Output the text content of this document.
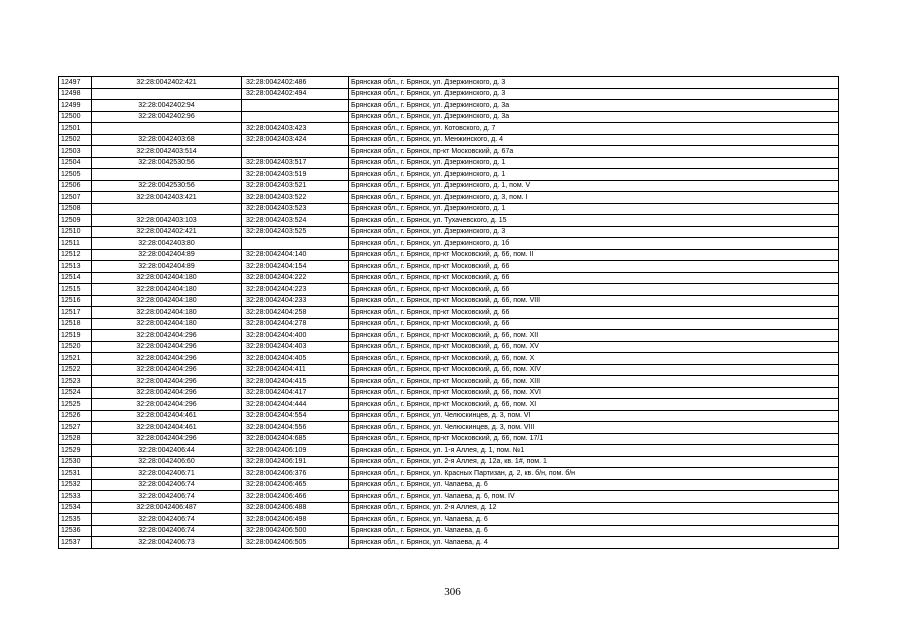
12497	32:28:0042402:421	32:28:0042402:486	Брянская обл., г. Брянск, ул. Дзержинского, д. 3
12498		32:28:0042402:494	Брянская обл., г. Брянск, ул. Дзержинского, д. 3
12499	32:28:0042402:94		Брянская обл., г. Брянск, ул. Дзержинского, д. 3а
12500	32:28:0042402:96		Брянская обл., г. Брянск, ул. Дзержинского, д. 3а
12501		32:28:0042403:423	Брянская обл., г. Брянск, ул. Котовского, д. 7
12502	32:28:0042403:68	32:28:0042403:424	Брянская обл., г. Брянск, ул. Менжинского, д. 4
12503	32:28:0042403:514		Брянская обл., г. Брянск, пр-кт Московский, д. 67а
12504	32:28:0042530:56	32:28:0042403:517	Брянская обл., г. Брянск, ул. Дзержинского, д. 1
12505		32:28:0042403:519	Брянская обл., г. Брянск, ул. Дзержинского, д. 1
12506	32:28:0042530:56	32:28:0042403:521	Брянская обл., г. Брянск, ул. Дзержинского, д. 1, пом. V
12507	32:28:0042403:421	32:28:0042403:522	Брянская обл., г. Брянск, ул. Дзержинского, д. 3, пом. I
12508		32:28:0042403:523	Брянская обл., г. Брянск, ул. Дзержинского, д. 1
12509	32:28:0042403:103	32:28:0042403:524	Брянская обл., г. Брянск, ул. Тухачевского, д. 15
12510	32:28:0042402:421	32:28:0042403:525	Брянская обл., г. Брянск, ул. Дзержинского, д. 3
12511	32:28:0042403:80		Брянская обл., г. Брянск, ул. Дзержинского, д. 1б
12512	32:28:0042404:89	32:28:0042404:140	Брянская обл., г. Брянск, пр-кт Московский, д. 66, пом. II
12513	32:28:0042404:89	32:28:0042404:154	Брянская обл., г. Брянск, пр-кт Московский, д. 66
12514	32:28:0042404:180	32:28:0042404:222	Брянская обл., г. Брянск, пр-кт Московский, д. 66
12515	32:28:0042404:180	32:28:0042404:223	Брянская обл., г. Брянск, пр-кт Московский, д. 66
12516	32:28:0042404:180	32:28:0042404:233	Брянская обл., г. Брянск, пр-кт Московский, д. 66, пом. VIII
12517	32:28:0042404:180	32:28:0042404:258	Брянская обл., г. Брянск, пр-кт Московский, д. 66
12518	32:28:0042404:180	32:28:0042404:278	Брянская обл., г. Брянск, пр-кт Московский, д. 66
12519	32:28:0042404:296	32:28:0042404:400	Брянская обл., г. Брянск, пр-кт Московский, д. 66, пом. XII
12520	32:28:0042404:296	32:28:0042404:403	Брянская обл., г. Брянск, пр-кт Московский, д. 66, пом. XV
12521	32:28:0042404:296	32:28:0042404:405	Брянская обл., г. Брянск, пр-кт Московский, д. 66, пом. X
12522	32:28:0042404:296	32:28:0042404:411	Брянская обл., г. Брянск, пр-кт Московский, д. 66, пом. XIV
12523	32:28:0042404:296	32:28:0042404:415	Брянская обл., г. Брянск, пр-кт Московский, д. 66, пом. XIII
12524	32:28:0042404:296	32:28:0042404:417	Брянская обл., г. Брянск, пр-кт Московский, д. 66, пом. XVI
12525	32:28:0042404:296	32:28:0042404:444	Брянская обл., г. Брянск, пр-кт Московский, д. 66, пом. XI
12526	32:28:0042404:461	32:28:0042404:554	Брянская обл., г. Брянск, ул. Челюскинцев, д. 3, пом. VI
12527	32:28:0042404:461	32:28:0042404:556	Брянская обл., г. Брянск, ул. Челюскинцев, д. 3, пом. VIII
12528	32:28:0042404:296	32:28:0042404:685	Брянская обл., г. Брянск, пр-кт Московский, д. 66, пом. 17/1
12529	32:28:0042406:44	32:28:0042406:109	Брянская обл., г. Брянск, ул. 1-я Аллея, д. 1, пом. №1
12530	32:28:0042406:60	32:28:0042406:191	Брянская обл., г. Брянск, ул. 2-я Аллея, д. 12а, кв. 1#, пом. 1
12531	32:28:0042406:71	32:28:0042406:376	Брянская обл., г. Брянск, ул. Красных Партизан, д. 2, кв. б/н, пом. б/н
12532	32:28:0042406:74	32:28:0042406:465	Брянская обл., г. Брянск, ул. Чапаева, д. 6
12533	32:28:0042406:74	32:28:0042406:466	Брянская обл., г. Брянск, ул. Чапаева, д. 6, пом. IV
12534	32:28:0042406:487	32:28:0042406:488	Брянская обл., г. Брянск, ул. 2-я Аллея, д. 12
12535	32:28:0042406:74	32:28:0042406:498	Брянская обл., г. Брянск, ул. Чапаева, д. 6
12536	32:28:0042406:74	32:28:0042406:500	Брянская обл., г. Брянск, ул. Чапаева, д. 6
12537	32:28:0042406:73	32:28:0042406:505	Брянская обл., г. Брянск, ул. Чапаева, д. 4
306
